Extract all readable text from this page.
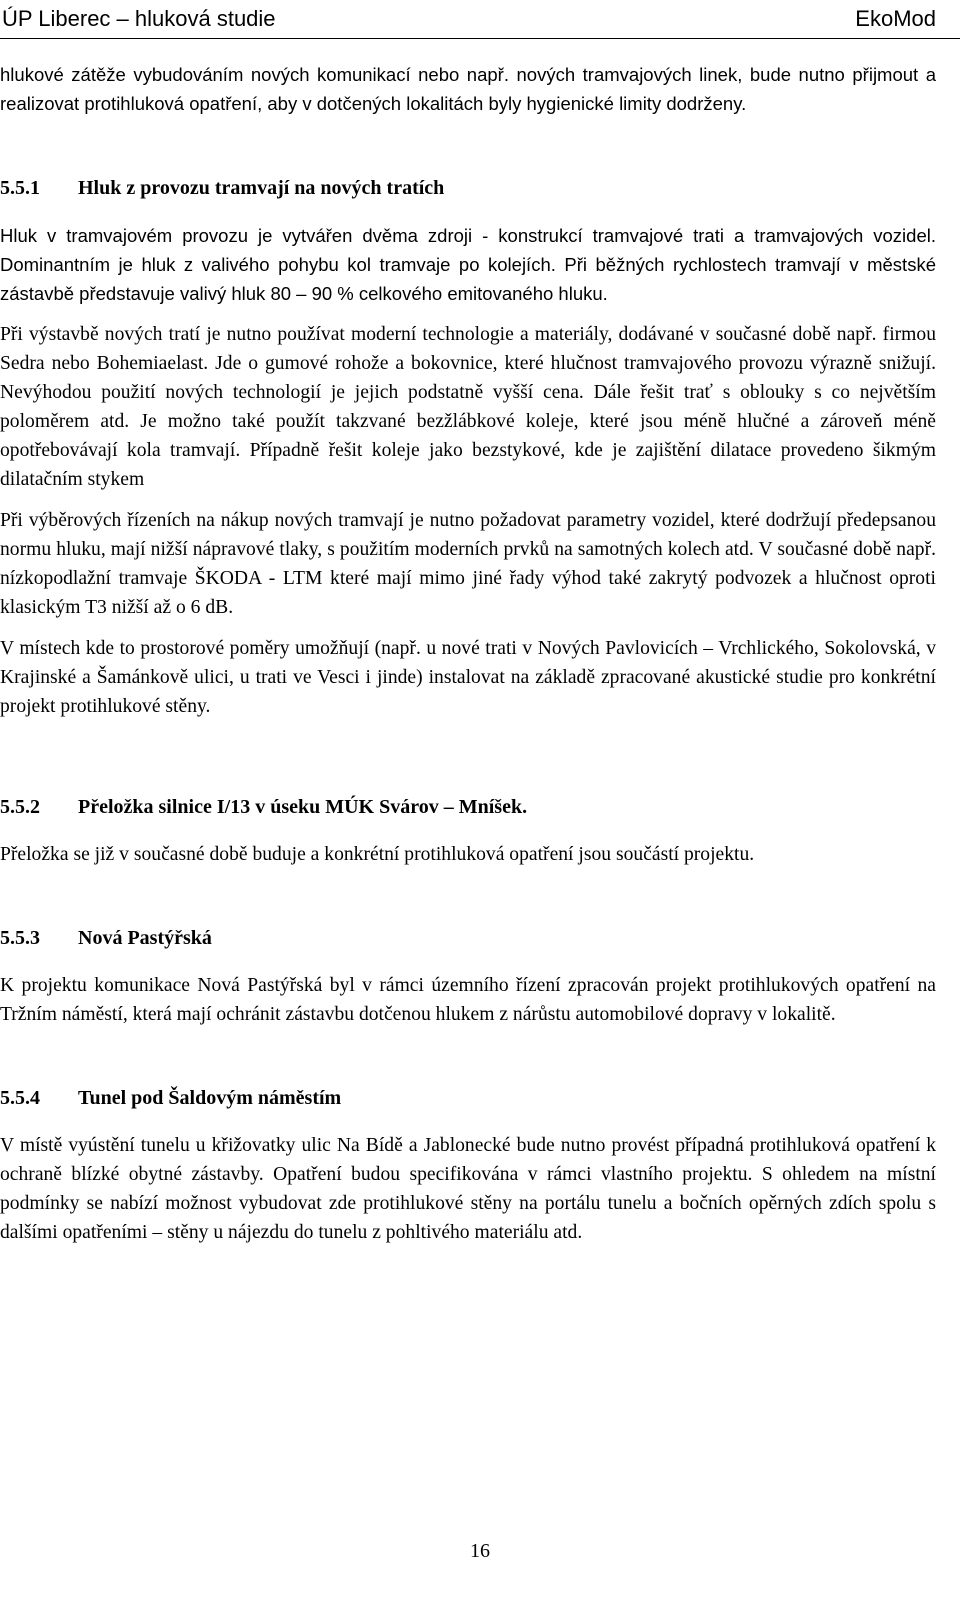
ÚP Liberec – hluková studie	EkoMod

hlukové zátěže vybudováním nových komunikací nebo např. nových tramvajových linek, bude nutno přijmout a realizovat protihluková opatření, aby v dotčených lokalitách byly hygienické limity dodrženy.

5.5.1 Hluk z provozu tramvají na nových tratích

Hluk v tramvajovém provozu je vytvářen dvěma zdroji - konstrukcí tramvajové trati a tramvajových vozidel. Dominantním je hluk z valivého pohybu kol tramvaje po kolejích. Při běžných rychlostech tramvají v městské zástavbě představuje valivý hluk 80 – 90 % celkového emitovaného hluku.

Při výstavbě nových tratí je nutno používat moderní technologie a materiály, dodávané v současné době např. firmou Sedra nebo Bohemiaelast. Jde o gumové rohože a bokovnice, které hlučnost tramvajového provozu výrazně snižují. Nevýhodou použití nových technologií je jejich podstatně vyšší cena. Dále řešit trať s oblouky s co největším poloměrem atd. Je možno také použít takzvané bezžlábkové koleje, které jsou méně hlučné a zároveň méně opotřebovávají kola tramvají. Případně řešit koleje jako bezstykové, kde je zajištění dilatace provedeno šikmým dilatačním stykem

Při výběrových řízeních na nákup nových tramvají je nutno požadovat parametry vozidel, které dodržují předepsanou normu hluku, mají nižší nápravové tlaky, s použitím moderních prvků na samotných kolech atd. V současné době např. nízkopodlažní tramvaje ŠKODA - LTM které mají mimo jiné řady výhod také zakrytý podvozek a hlučnost oproti klasickým T3 nižší až o 6 dB.

V místech kde to prostorové poměry umožňují (např. u nové trati v Nových Pavlovicích – Vrchlického, Sokolovská, v Krajinské a Šamánkově ulici, u trati ve Vesci i jinde) instalovat na základě zpracované akustické studie pro konkrétní projekt protihlukové stěny.

5.5.2 Přeložka silnice I/13 v úseku MÚK Svárov – Mníšek.

Přeložka se již v současné době buduje a konkrétní protihluková opatření jsou součástí projektu.

5.5.3 Nová Pastýřská

K projektu komunikace Nová Pastýřská byl v rámci územního řízení zpracován projekt protihlukových opatření na Tržním náměstí, která mají ochránit zástavbu dotčenou hlukem z nárůstu automobilové dopravy v lokalitě.

5.5.4 Tunel pod Šaldovým náměstím

V místě vyústění tunelu u křižovatky ulic Na Bídě a Jablonecké bude nutno provést případná protihluková opatření k ochraně blízké obytné zástavby. Opatření budou specifikována v rámci vlastního projektu. S ohledem na místní podmínky se nabízí možnost vybudovat zde protihlukové stěny na portálu tunelu a bočních opěrných zdích spolu s dalšími opatřeními – stěny u nájezdu do tunelu z pohltivého materiálu atd.

16
